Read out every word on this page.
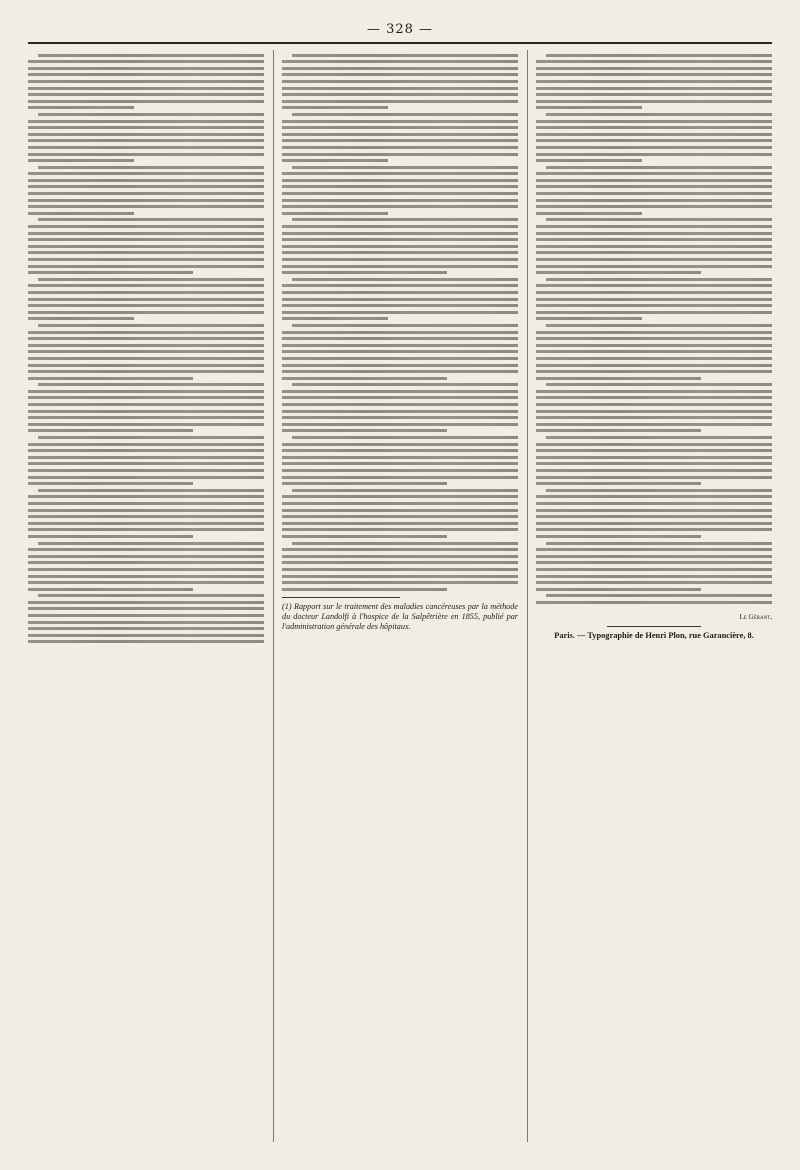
— 328 —

(1) Rapport sur le traitement des maladies cancéreuses par la méthode du docteur Landolfi à l'hospice de la Salpêtrière en 1855, publié par l'administration générale des hôpitaux.

Le Gérant,
Paris. — Typographie de Henri Plon, rue Garancière, 8.
